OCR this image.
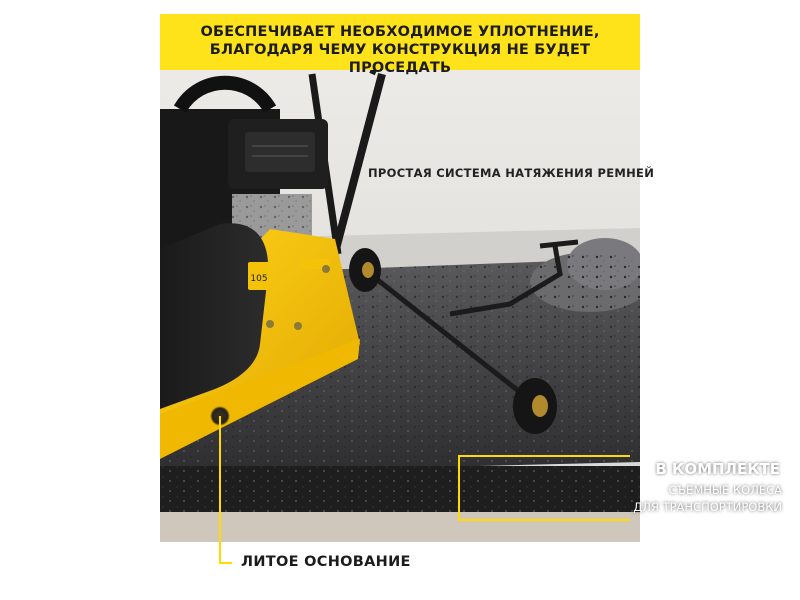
105
ОБЕСПЕЧИВАЕТ НЕОБХОДИМОЕ УПЛОТНЕНИЕ,
БЛАГОДАРЯ ЧЕМУ КОНСТРУКЦИЯ НЕ БУДЕТ ПРОСЕДАТЬ
ПРОСТАЯ СИСТЕМА НАТЯЖЕНИЯ РЕМНЕЙ
В КОМПЛЕКТЕ
СЪЕМНЫЕ КОЛЕСА
ДЛЯ ТРАНСПОРТИРОВКИ
ЛИТОЕ ОСНОВАНИЕ
